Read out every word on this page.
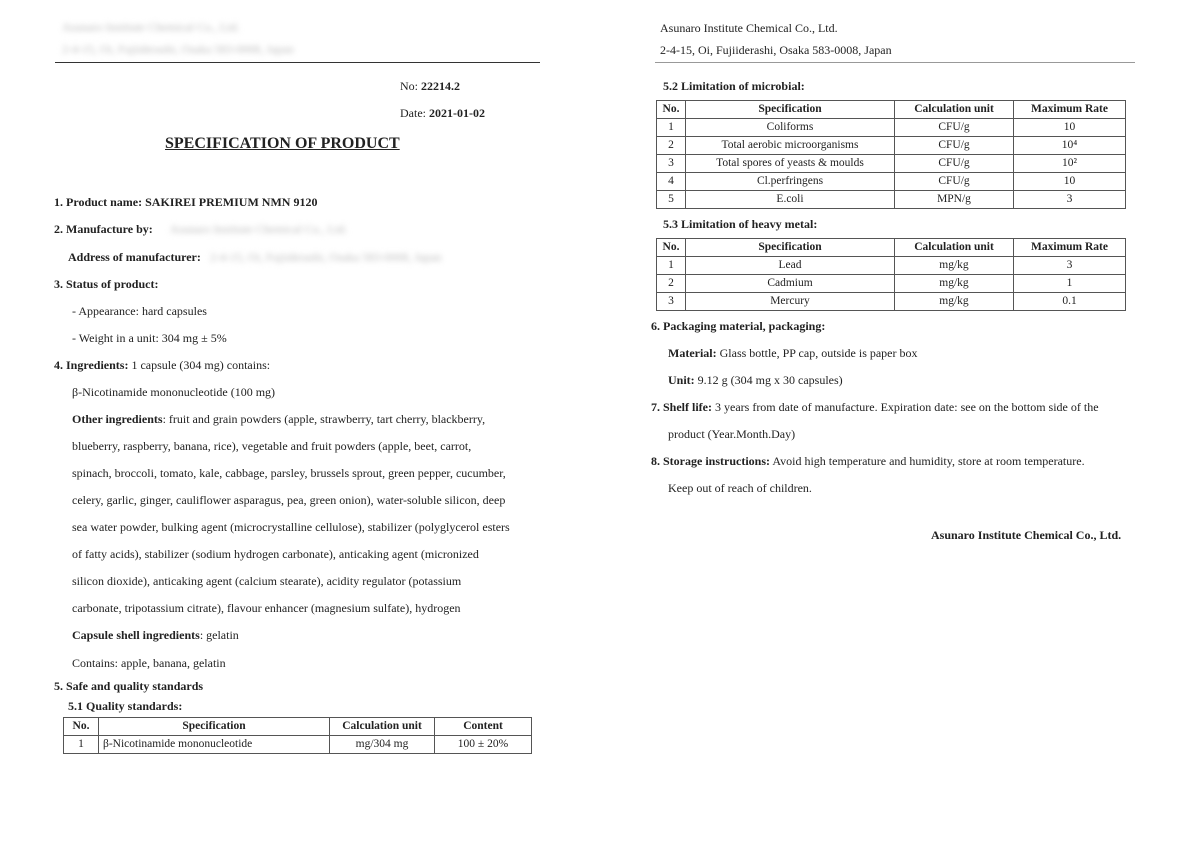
Asunaro Institute Chemical Co., Ltd.
2-4-15, Oi, Fujiiderashi, Osaka 583-0008, Japan
No: 22214.2
Date: 2021-01-02
SPECIFICATION OF PRODUCT
1. Product name: SAKIREI PREMIUM NMN 9120
2. Manufacture by: Asunaro Institute Chemical Co., Ltd.
Address of manufacturer: 2-4-15, Oi, Fujiiderashi, Osaka 583-0008, Japan
3. Status of product:
- Appearance: hard capsules
- Weight in a unit: 304 mg ± 5%
4. Ingredients: 1 capsule (304 mg) contains:
β-Nicotinamide mononucleotide (100 mg)
Other ingredients: fruit and grain powders (apple, strawberry, tart cherry, blackberry,
blueberry, raspberry, banana, rice), vegetable and fruit powders (apple, beet, carrot,
spinach, broccoli, tomato, kale, cabbage, parsley, brussels sprout, green pepper, cucumber,
celery, garlic, ginger, cauliflower asparagus, pea, green onion), water-soluble silicon, deep
sea water powder, bulking agent (microcrystalline cellulose), stabilizer (polyglycerol esters
of fatty acids), stabilizer (sodium hydrogen carbonate), anticaking agent (micronized
silicon dioxide), anticaking agent (calcium stearate), acidity regulator (potassium
carbonate, tripotassium citrate), flavour enhancer (magnesium sulfate), hydrogen
Capsule shell ingredients: gelatin
Contains: apple, banana, gelatin
5. Safe and quality standards
5.1 Quality standards:
No.	Specification	Calculation unit	Content
1	β-Nicotinamide mononucleotide	mg/304 mg	100 ± 20%
Asunaro Institute Chemical Co., Ltd.
2-4-15, Oi, Fujiiderashi, Osaka 583-0008, Japan
5.2 Limitation of microbial:
No.	Specification	Calculation unit	Maximum Rate
1	Coliforms	CFU/g	10
2	Total aerobic microorganisms	CFU/g	10⁴
3	Total spores of yeasts & moulds	CFU/g	10²
4	Cl.perfringens	CFU/g	10
5	E.coli	MPN/g	3
5.3 Limitation of heavy metal:
No.	Specification	Calculation unit	Maximum Rate
1	Lead	mg/kg	3
2	Cadmium	mg/kg	1
3	Mercury	mg/kg	0.1
6. Packaging material, packaging:
Material: Glass bottle, PP cap, outside is paper box
Unit: 9.12 g (304 mg x 30 capsules)
7. Shelf life: 3 years from date of manufacture. Expiration date: see on the bottom side of the
product (Year.Month.Day)
8. Storage instructions: Avoid high temperature and humidity, store at room temperature.
Keep out of reach of children.
Asunaro Institute Chemical Co., Ltd.
